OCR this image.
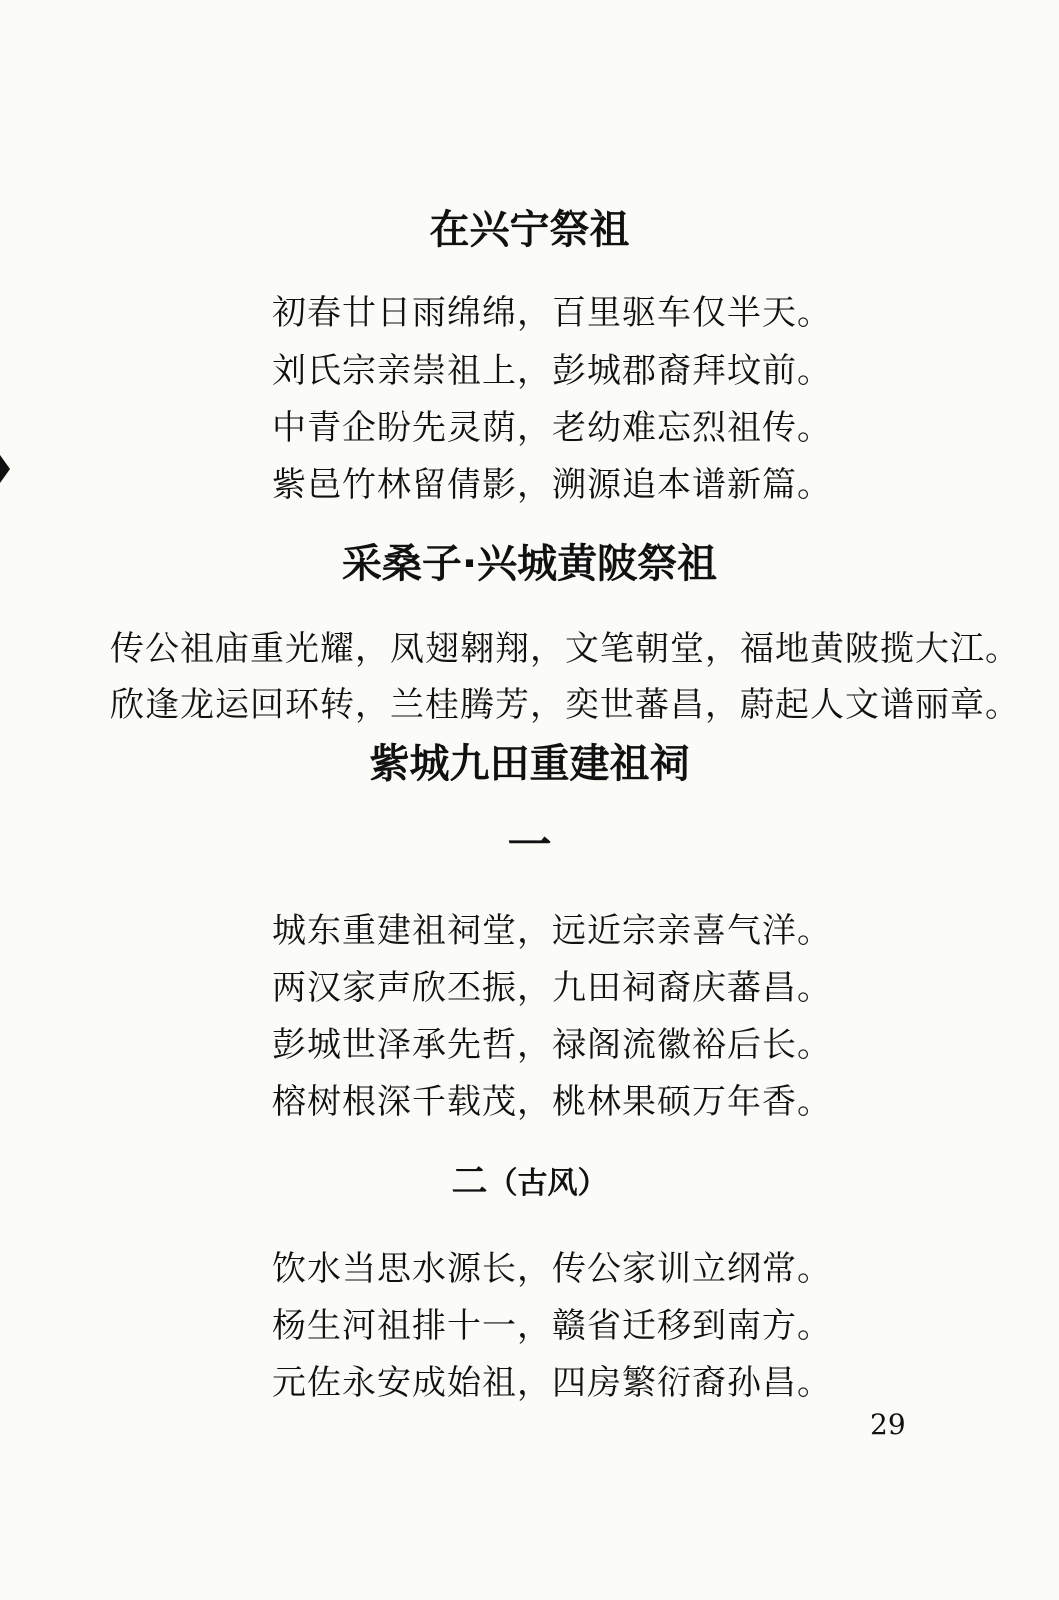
在兴宁祭祖
初春廿日雨绵绵，百里驱车仅半天。
刘氏宗亲崇祖上，彭城郡裔拜坟前。
中青企盼先灵荫，老幼难忘烈祖传。
紫邑竹林留倩影，溯源追本谱新篇。
采桑子·兴城黄陂祭祖
传公祖庙重光耀，凤翅翱翔，文笔朝堂，福地黄陂揽大江。
欣逢龙运回环转，兰桂腾芳，奕世蕃昌，蔚起人文谱丽章。
紫城九田重建祖祠
一
城东重建祖祠堂，远近宗亲喜气洋。
两汉家声欣丕振，九田祠裔庆蕃昌。
彭城世泽承先哲，禄阁流徽裕后长。
榕树根深千载茂，桃林果硕万年香。
二（古风）
饮水当思水源长，传公家训立纲常。
杨生河祖排十一，赣省迁移到南方。
元佐永安成始祖，四房繁衍裔孙昌。
29
